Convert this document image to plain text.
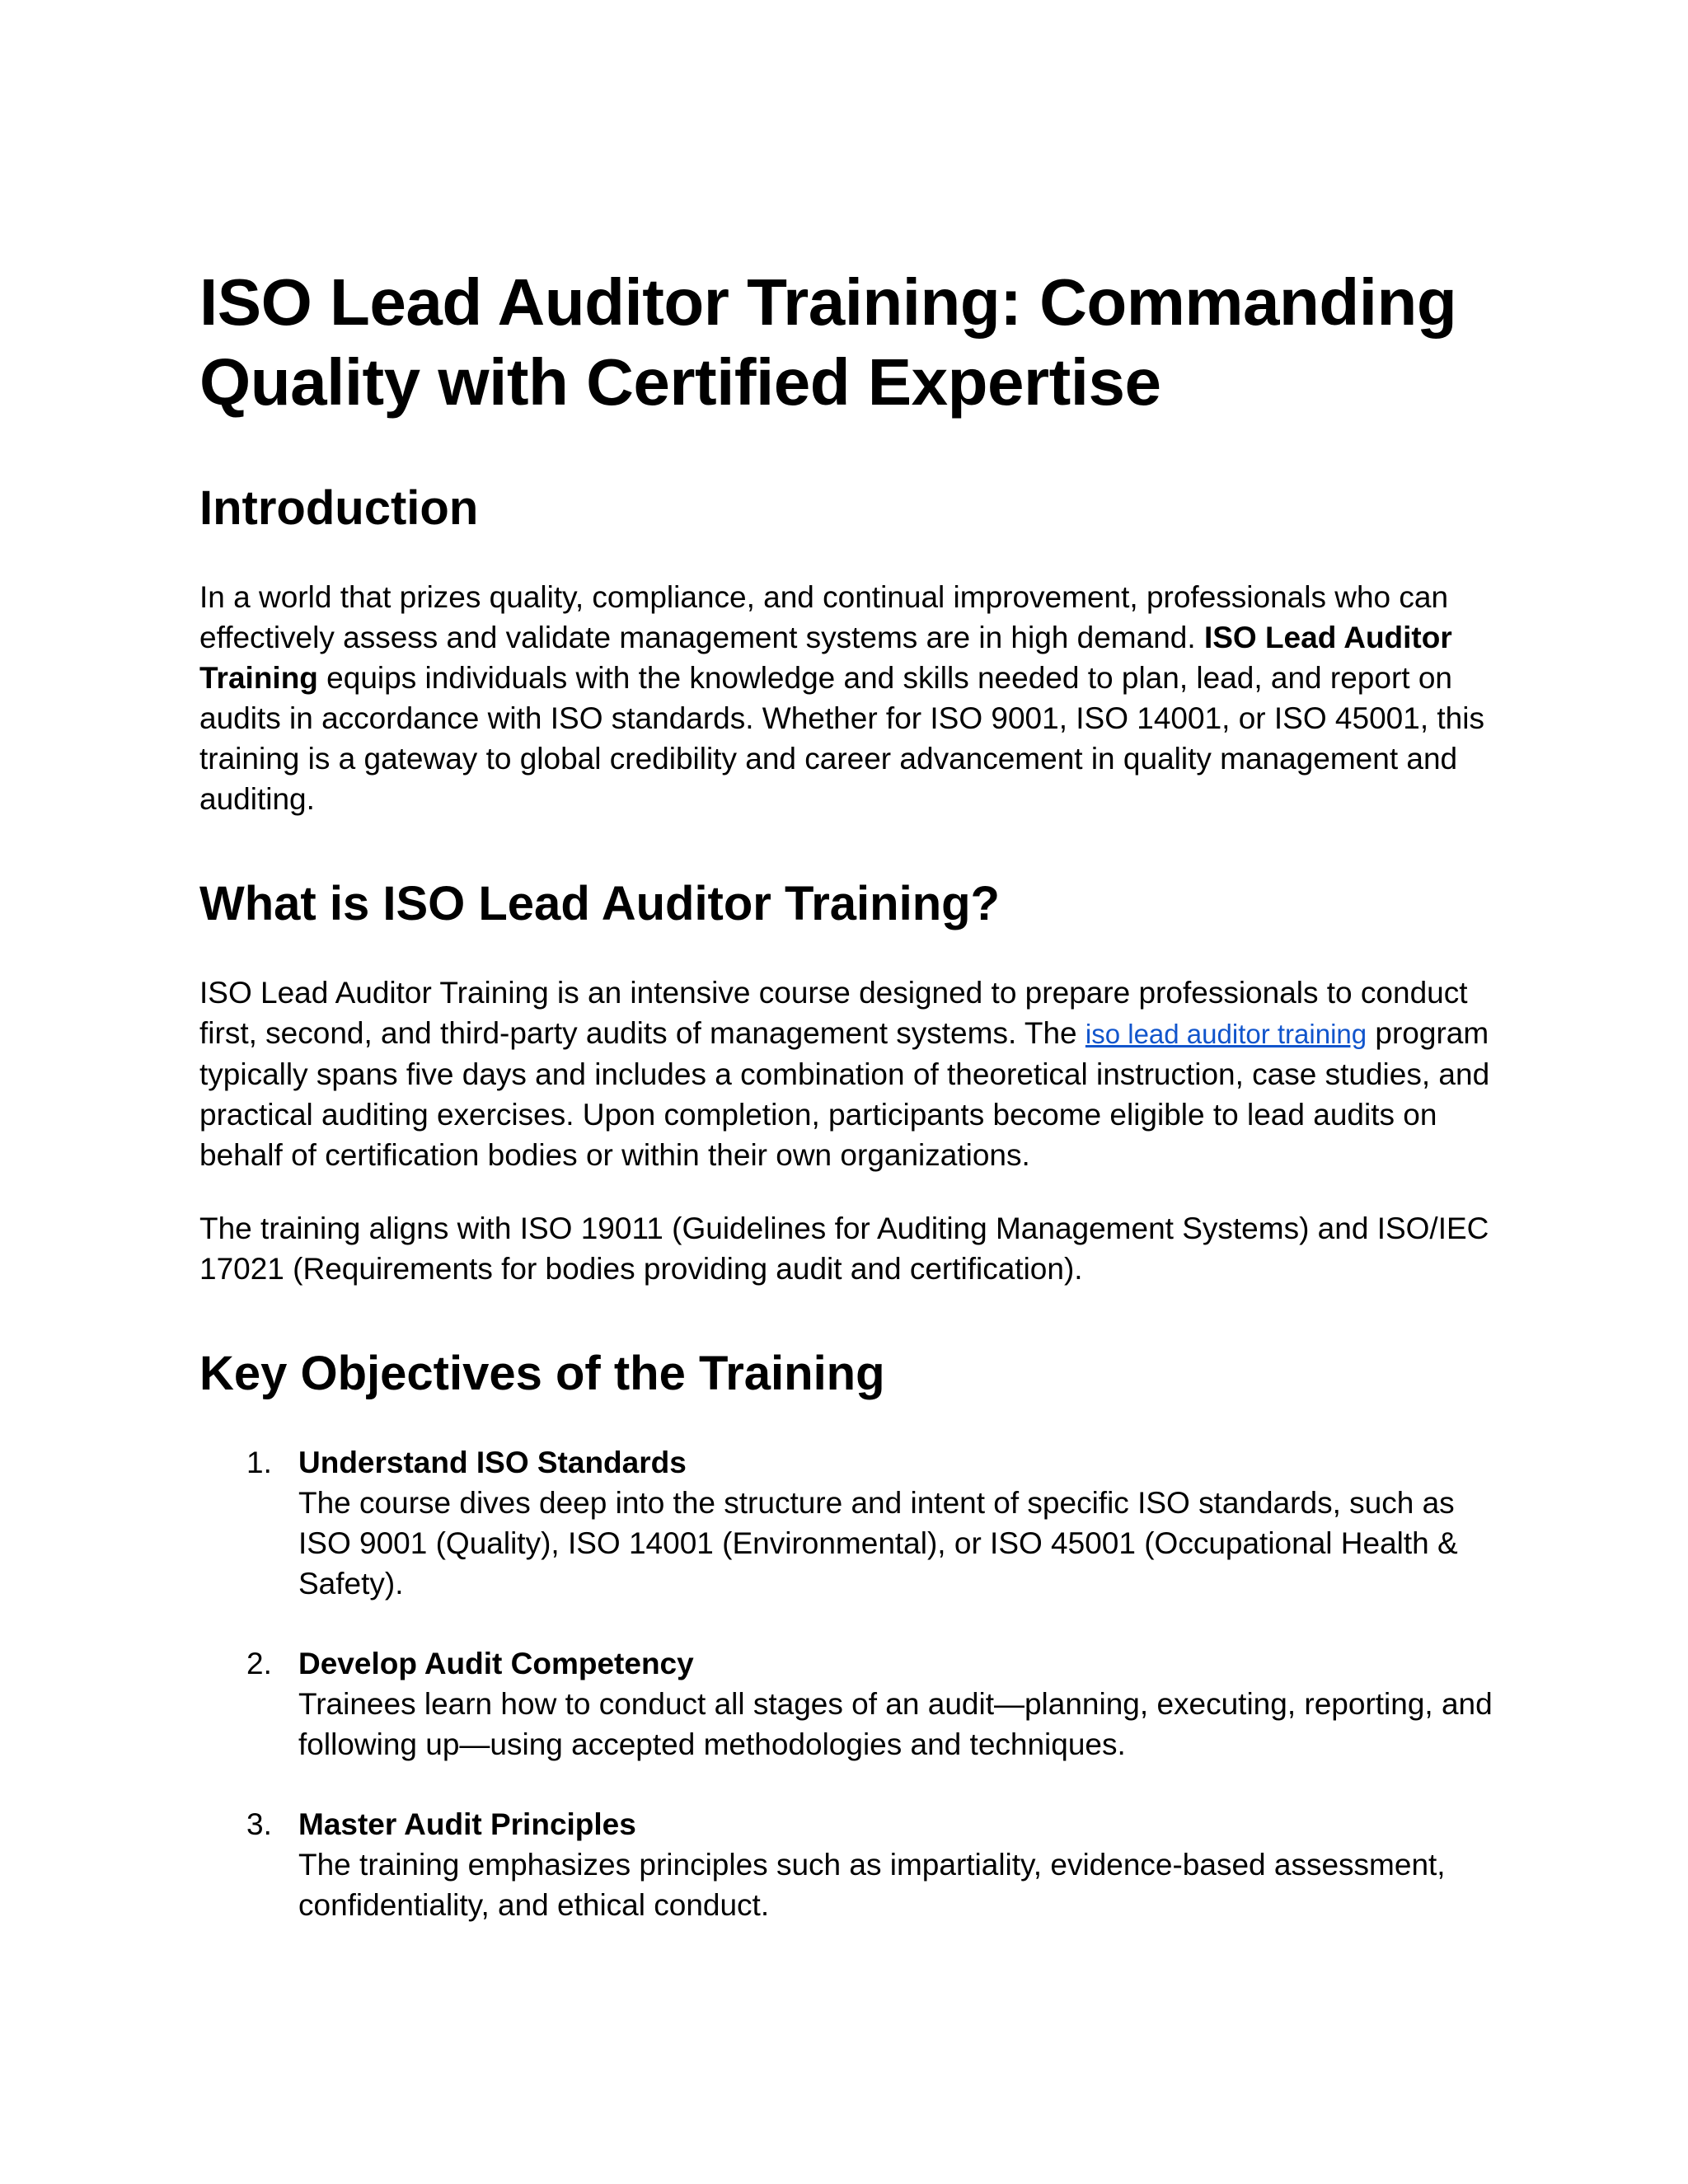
ISO Lead Auditor Training: Commanding Quality with Certified Expertise
Introduction

In a world that prizes quality, compliance, and continual improvement, professionals who can effectively assess and validate management systems are in high demand. ISO Lead Auditor Training equips individuals with the knowledge and skills needed to plan, lead, and report on audits in accordance with ISO standards. Whether for ISO 9001, ISO 14001, or ISO 45001, this training is a gateway to global credibility and career advancement in quality management and auditing.

What is ISO Lead Auditor Training?

ISO Lead Auditor Training is an intensive course designed to prepare professionals to conduct first, second, and third-party audits of management systems. The iso lead auditor training program typically spans five days and includes a combination of theoretical instruction, case studies, and practical auditing exercises. Upon completion, participants become eligible to lead audits on behalf of certification bodies or within their own organizations.

The training aligns with ISO 19011 (Guidelines for Auditing Management Systems) and ISO/IEC 17021 (Requirements for bodies providing audit and certification).

Key Objectives of the Training
1. Understand ISO Standards
The course dives deep into the structure and intent of specific ISO standards, such as ISO 9001 (Quality), ISO 14001 (Environmental), or ISO 45001 (Occupational Health & Safety).
2. Develop Audit Competency
Trainees learn how to conduct all stages of an audit—planning, executing, reporting, and following up—using accepted methodologies and techniques.
3. Master Audit Principles
The training emphasizes principles such as impartiality, evidence-based assessment, confidentiality, and ethical conduct.
